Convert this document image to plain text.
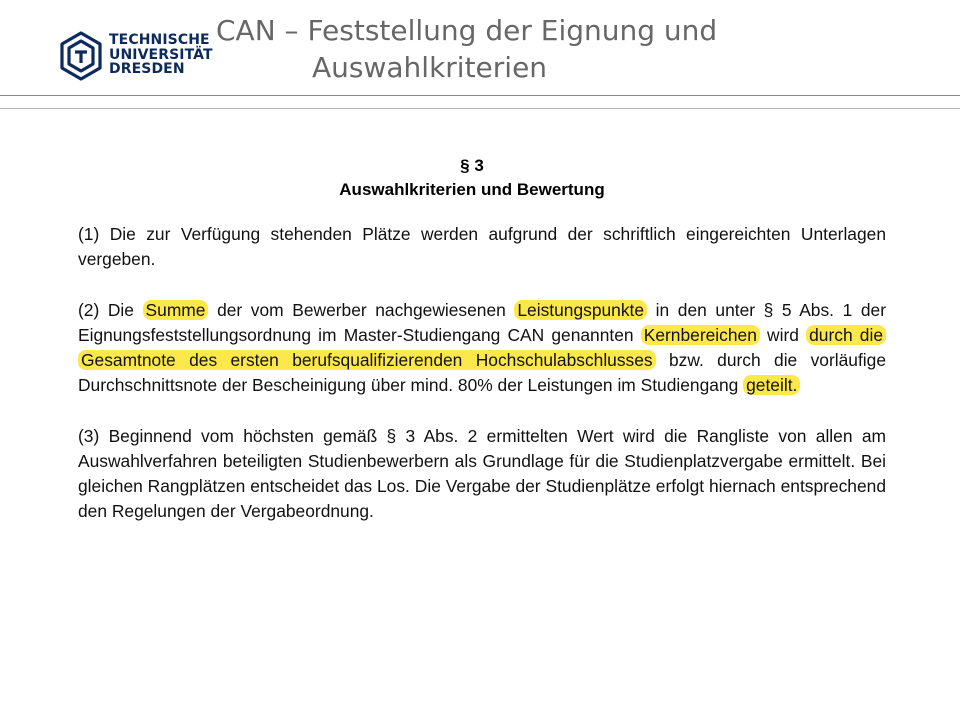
TECHNISCHE
UNIVERSITÄT
DRESDEN
CAN – Feststellung der Eignung und
Auswahlkriterien
§ 3
Auswahlkriterien und Bewertung

(1) Die zur Verfügung stehenden Plätze werden aufgrund der schriftlich eingereichten Unterlagen vergeben.

(2) Die Summe der vom Bewerber nachgewiesenen Leistungspunkte in den unter § 5 Abs. 1 der Eignungsfeststellungsordnung im Master-Studiengang CAN genannten Kernbereichen wird durch die Gesamtnote des ersten berufsqualifizierenden Hochschulabschlusses bzw. durch die vorläufige Durchschnittsnote der Bescheinigung über mind. 80% der Leistungen im Studiengang geteilt.

(3) Beginnend vom höchsten gemäß § 3 Abs. 2 ermittelten Wert wird die Rangliste von allen am Auswahlverfahren beteiligten Studienbewerbern als Grundlage für die Studienplatzvergabe ermittelt. Bei gleichen Rangplätzen entscheidet das Los. Die Vergabe der Studienplätze erfolgt hiernach entsprechend den Regelungen der Vergabeordnung.
